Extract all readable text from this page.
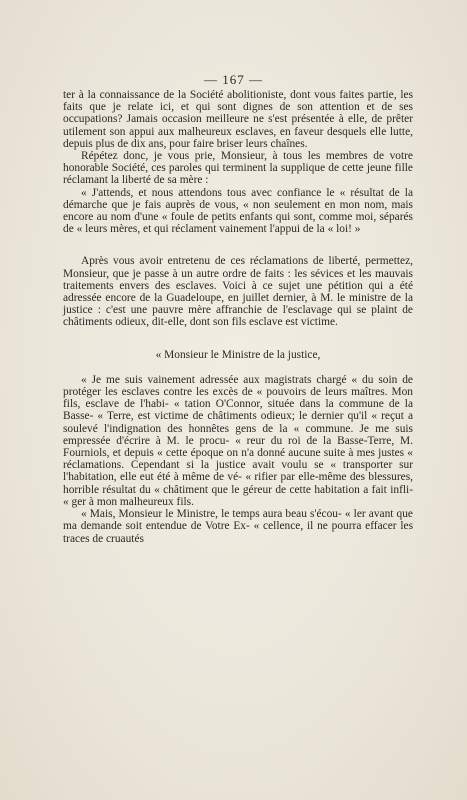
— 167 —

ter à la connaissance de la Société abolitioniste, dont vous faites partie, les faits que je relate ici, et qui sont dignes de son attention et de ses occupations? Jamais occasion meilleure ne s'est présentée à elle, de prêter utilement son appui aux malheureux esclaves, en faveur desquels elle lutte, depuis plus de dix ans, pour faire briser leurs chaînes.

Répétez donc, je vous prie, Monsieur, à tous les membres de votre honorable Société, ces paroles qui terminent la supplique de cette jeune fille réclamant la liberté de sa mère :

« J'attends, et nous attendons tous avec confiance le « résultat de la démarche que je fais auprès de vous, « non seulement en mon nom, mais encore au nom d'une « foule de petits enfants qui sont, comme moi, séparés de « leurs mères, et qui réclament vainement l'appui de la « loi! »

Après vous avoir entretenu de ces réclamations de liberté, permettez, Monsieur, que je passe à un autre ordre de faits : les sévices et les mauvais traitements envers des esclaves. Voici à ce sujet une pétition qui a été adressée encore de la Guadeloupe, en juillet dernier, à M. le ministre de la justice : c'est une pauvre mère affranchie de l'esclavage qui se plaint de châtiments odieux, dit-elle, dont son fils esclave est victime.

« Monsieur le Ministre de la justice,

« Je me suis vainement adressée aux magistrats chargé « du soin de protéger les esclaves contre les excès de « pouvoirs de leurs maîtres. Mon fils, esclave de l'habi- « tation O'Connor, située dans la commune de la Basse- « Terre, est victime de châtiments odieux; le dernier qu'il « reçut a soulevé l'indignation des honnêtes gens de la « commune. Je me suis empressée d'écrire à M. le procu- « reur du roi de la Basse-Terre, M. Fourniols, et depuis « cette époque on n'a donné aucune suite à mes justes « réclamations. Cependant si la justice avait voulu se « transporter sur l'habitation, elle eut été à même de vé- « rifier par elle-même des blessures, horrible résultat du « châtiment que le géreur de cette habitation a fait infli- « ger à mon malheureux fils.

« Mais, Monsieur le Ministre, le temps aura beau s'écou- « ler avant que ma demande soit entendue de Votre Ex- « cellence, il ne pourra effacer les traces de cruautés
